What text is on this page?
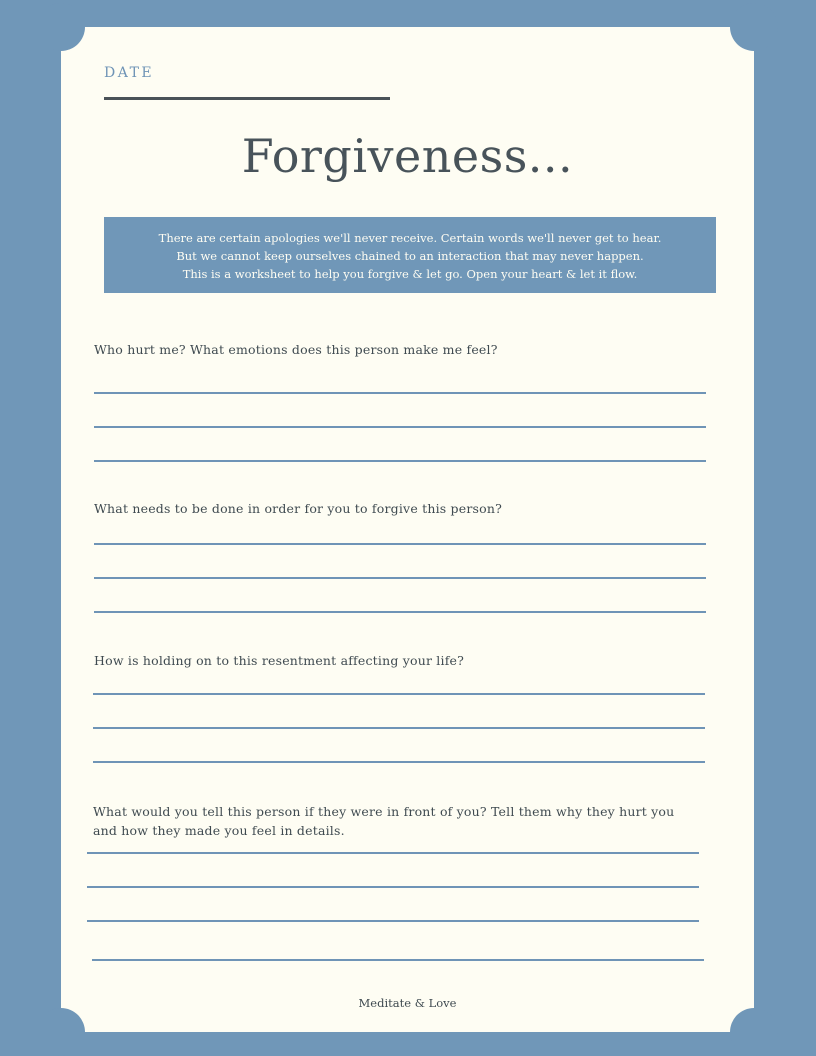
DATE
Forgiveness...
There are certain apologies we'll never receive. Certain words we'll never get to hear.
But we cannot keep ourselves chained to an interaction that may never happen.
This is a worksheet to help you forgive & let go. Open your heart & let it flow.
Who hurt me? What emotions does this person make me feel?
What needs to be done in order for you to forgive this person?
How is holding on to this resentment affecting your life?
What would you tell this person if they were in front of you? Tell them why they hurt you and how they made you feel in details.
Meditate & Love
